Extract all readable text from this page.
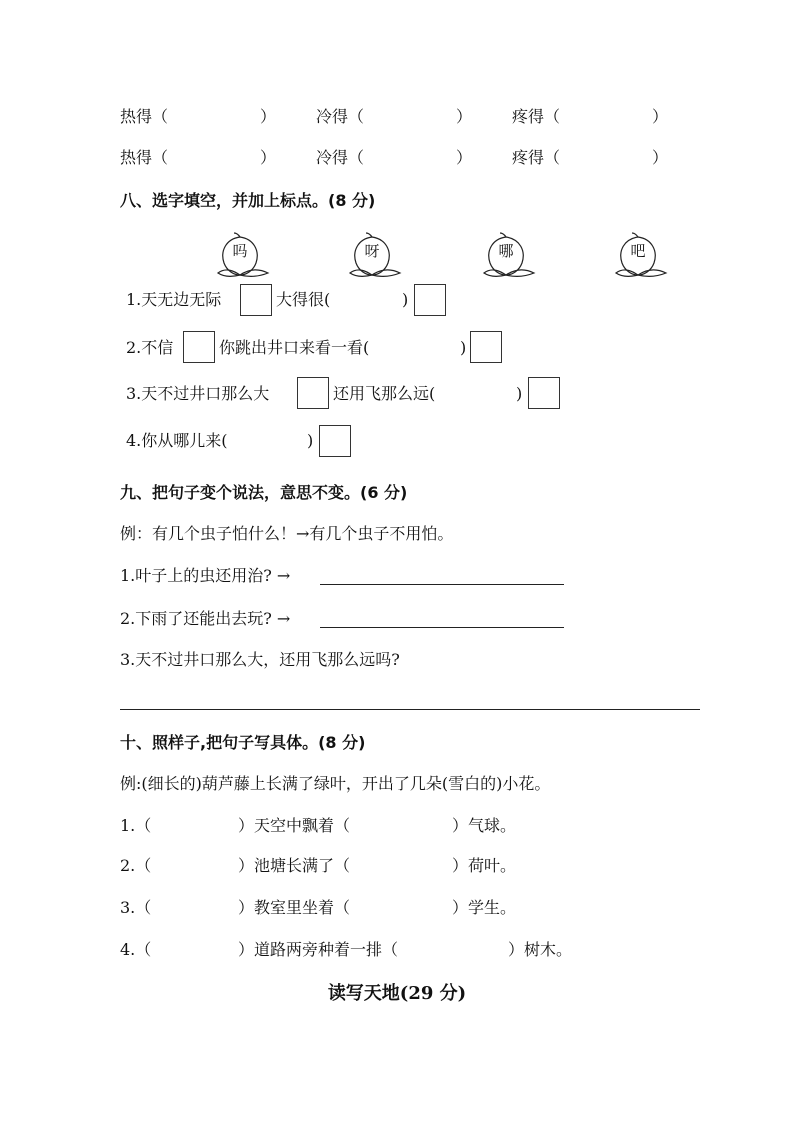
热得（	） 冷得（	） 疼得（	）
热得（	） 冷得（	） 疼得（	）
八、选字填空，并加上标点。(8 分)
吗	呀	哪	吧
1.天无边无际	大得很(	)
2.不信	你跳出井口来看一看(	)
3.天不过井口那么大	还用飞那么远(	)
4.你从哪儿来(	)
九、把句子变个说法，意思不变。(6 分)
例：有几个虫子怕什么！→有几个虫子不用怕。
1.叶子上的虫还用治? →
2.下雨了还能出去玩? →
3.天不过井口那么大，还用飞那么远吗?
十、照样子,把句子写具体。(8 分)
例:(细长的)葫芦藤上长满了绿叶，开出了几朵(雪白的)小花。
1.（	）天空中飘着（	）气球。
2.（	）池塘长满了（	）荷叶。
3.（	）教室里坐着（	）学生。
4.（	）道路两旁种着一排（	）树木。
读写天地(29 分)
